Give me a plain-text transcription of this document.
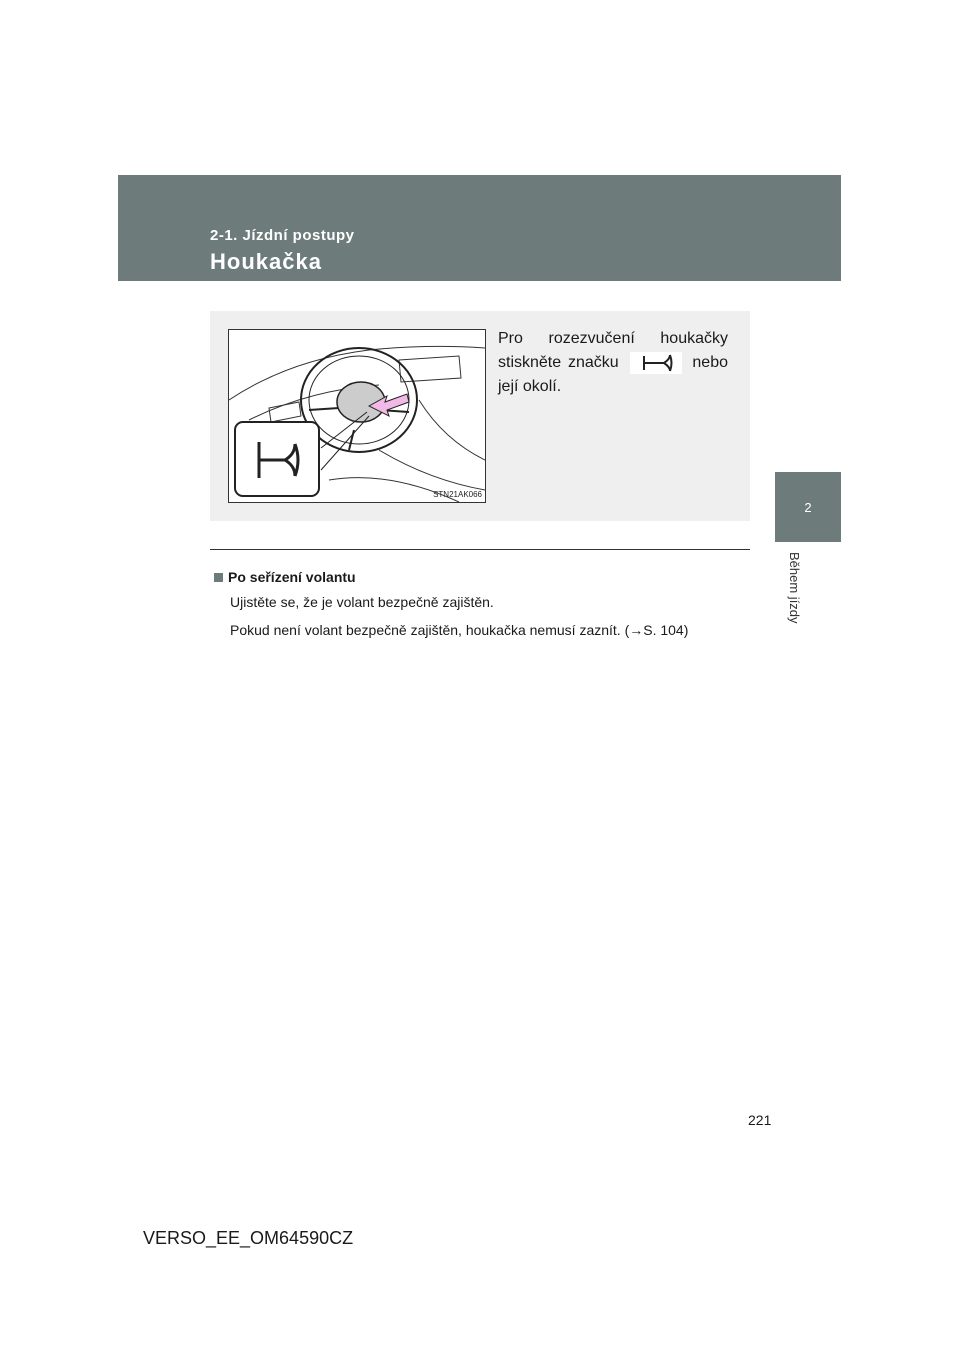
2-1. Jízdní postupy
Houkačka
2
Během jízdy
STN21AK066
Pro rozezvučení houkačky stiskněte značku	nebo její okolí.
Po seřízení volantu
Ujistěte se, že je volant bezpečně zajištěn.
Pokud není volant bezpečně zajištěn, houkačka nemusí zaznít. (→S. 104)
221
VERSO_EE_OM64590CZ
